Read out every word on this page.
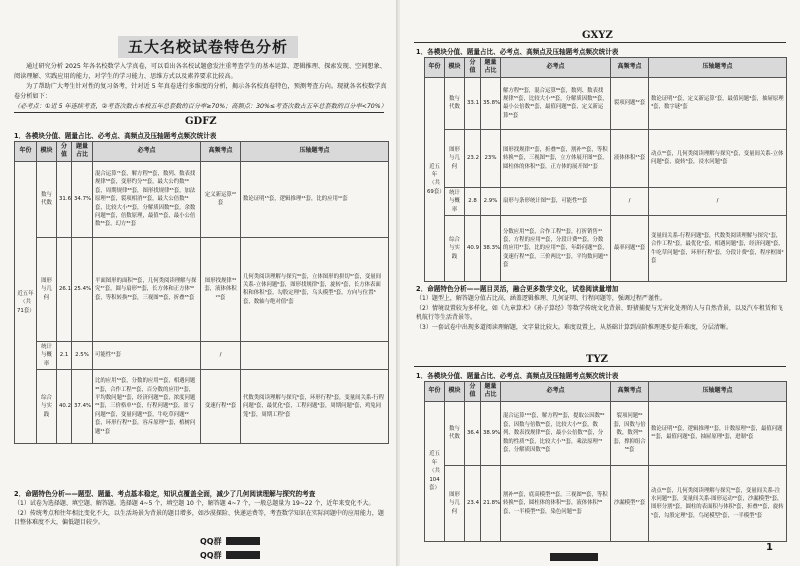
五大名校试卷特色分析

通过研究分析 2025 年各名校数学入学真卷，可以看出各名校试题愈发注重考查学生的基本运算、逻辑推理、探索发现、空间想象、阅读理解、实践应用的能力，对学生的学习能力、思维方式以及素养要求比较高。

为了帮助广大考生针对性的复习备考，针对近 5 年真卷进行多维度的分析，揭示各名校真卷特色，预测考查方向。现就各名校数学真卷分析如下：

（必考点：①近 5 年连续考查，②考查次数占本校五年总套数的百分率≥70%；高频点：30%≤考查次数占五年总套数的百分率<70%）

GDFZ
1．各模块分值、题量占比、必考点、高频点及压轴题考点频次统计表
年份	模块	分值	题量占比	必考点	高频考点	压轴题考点
近五年（共71套）	数与代数	31.6	34.7%	混合运算⁷¹套，解方程⁵⁶套，数列、数表找规律⁵⁸套，变形约分⁵⁰套，最大公约数⁴⁹套，周期规律⁴⁸套，图形找规律⁴⁵套，加法原理⁴³套，裂项相消⁴²套，最大公倍数⁴¹套，比较大小³⁹套，分解质因数³⁹套，余数问题³⁶套，倍数原理，最值³⁵套，最小公倍数³⁴套，幻方³²套	定义新运算²²套	数论证明¹⁵套，逻辑推理¹⁴套，比的应用¹⁰套
	图形与几何	26.1	25.4%	平面图形的面积³⁹套，几何类阅读理解与探究³⁷套，圆与扇形³⁶套，长方体和正方体⁵⁰套，等积转换³⁹套，三视图³⁸套，折叠³⁵套	图形找规律³⁴套，液体体积²³套	几何类阅读理解与探究³⁰套，立体图形的拼切³⁷套，变量间关系-立体问题⁶套，图形找规律⁵套，旋转⁴套，长方体表面积和体积³套，勾股定理³套，乌头模型³套，方向与位置³套，数轴与绝对值²套
	统计与概率	2.1	2.5%	可能性²¹套	/	
	综合与实践	40.2	37.4%	比的应用⁵⁴套，分数的应用⁴⁰套，相遇问题⁴⁸套，合作工程⁴⁰套，百分数的应用⁴¹套，平均数问题³¹套，经济问题³⁰套，浓度问题²⁹套，三价格单¹⁰套，行程问题²⁸套，盈亏问题²⁶套，变量问题²³套，牛吃草问题²²套，环形行程²¹套，容斥原理²¹套，植树问题²¹套	变速行程¹⁸套	代数类阅读理解与探究⁶套，环形行程⁵套，变量间关系-行程问题⁴套，最优化⁴套，工程问题³套，周期问题³套，鸡兔同笼³套，周期工程²套
2．命题特色分析——题型、题量、考点基本稳定，知识点覆盖全面，减少了几何阅读理解与探究的考查
（1）试卷为选择题、填空题、解答题。选择题 4~5 个，填空题 10 个，解答题 4~7 个，一般总题量为 19~22 个，近年来变化不大。
（2）传统考点和往年相比变化不大，以生活场景为背景的题目增多，如沙漠探险、快递运费等，考查数学知识在实际问题中的应用能力，题目整体难度不大，偏低题目较少。
QQ群
QQ群
GXYZ
1．各模块分值、题量占比、必考点、高频点及压轴题考点频次统计表
年份	模块	分值	题量占比	必考点	高频考点	压轴题考点
近五年（共69套）	数与代数	33.1	35.8%	解方程⁶⁹套，混合运算⁶⁹套，数列、数表找规律⁵⁵套，比较大小⁴⁸套，分解质因数⁴⁶套，最小公倍数⁴⁵套，最值问题³⁸套，定义新运算³⁶套	裂项问题³²套	数论证明¹²套，定义新运算⁷套，最值问题⁴套，抽屉原理³套，数字谜²套
	图形与几何	23.2	23%	图形找规律⁴⁷套，折叠³⁶套，割补³⁵套，等积转换³⁰套，三视图³⁰套，立方体展开图³⁰套，圆柱体的体积²⁵套，正方体的展开图²⁷套	液体体积²⁵套	动点³⁰套，几何类阅读理解与探究⁹套，变量间关系-立体问题⁶套，旋转³套，浸水问题³套
	统计与概率	2.8	2.9%	扇形与条形统计图²⁰套，可能性²⁰套	/	/
	综合与实践	40.9	38.3%	分数应用⁵⁸套，合作工程⁵⁵套，打折销售⁴¹套，方程的应用⁴⁰套，分段计费³⁶套，分数的应用³⁷套，比的应用³⁵套，年龄问题³⁰套，变速行程⁵⁸套，三价两比²⁷套，平均数问题²³套	最率问题¹⁹套	变量间关系-行程问题⁸套，代数类阅读理解与探究⁷套，合作工程⁵套，最优化⁴套，相遇问题³套，经济问题³套，牛吃草问题²套，环形行程²套，分段计费²套，程序框图²套
2．命题特色分析——题目灵活，融合更多数学文化，试卷阅读量增加
（1）题型上，解答题分值占比高，涵盖逻辑推理、几何证明、行程问题等，强调过程严谨性。
（2）情境设置较为多样化，如《九章算术》《孙子算经》等数学传统文化背景、野猪捕捉与无害化处理的人与自然背景，以及汽车租赁和飞机航行等生活背景等。
（3）一套试卷中出现多道阅读理解题，文字量比较大。难度设置上，从基础计算到高阶推理逐步提升难度，分层清晰。
TYZ
1．各模块分值、题量占比、必考点、高频点及压轴题考点频次统计表
年份	模块	分值	题量占比	必考点	高频考点	压轴题考点
近五年（共104套）	数与代数	36.4	38.9%	混合运算¹⁰⁴套，解方程⁹⁶套，提取公因数⁸⁹套，因数与倍数⁸⁵套，比较大小⁸²套，数列、数表找规律⁸⁰套，最小公倍数⁷⁸套，分数的性质⁷⁶套，比较大小⁷⁴套，乘法原理⁷³套，分解质因数⁷⁸套	裂项问题⁶⁹套，因数与倍数，数列⁵⁶套，撑抑组合⁵⁶套	数论证明¹⁸套，逻辑推理¹⁷套，计数原理¹⁴套，最值问题¹⁰套，最值问题⁶套，抽屉原理⁴套，进制⁴套
	图形与几何	23.4	21.8%	割补⁹⁸套，底高模型²⁸套，三视图⁸⁹套，等积转换⁸⁰套，圆柱体的体积⁶⁰套，液体体积⁵⁸套，一半模型²⁸套，染色问题¹⁰套	沙漏模型³⁷套	动点⁸⁰套，几何类阅读理解与探究³⁰套，变量间关系-注水问题²²套，变量间关系-图形运动²⁰套，沙漏模型⁹套，图形分割⁹套，圆柱的表面积与体积⁶套，折叠¹⁸套，旋转⁵套，勾股定理⁵套，鸟尾模型⁵套，一半模型³套
1
